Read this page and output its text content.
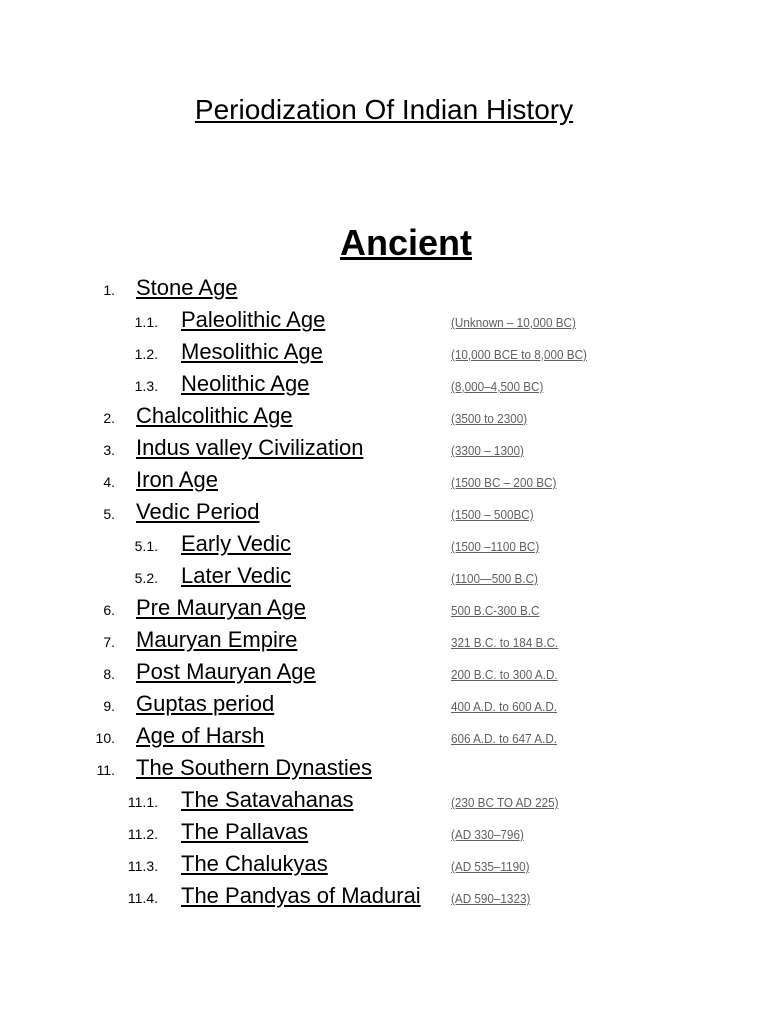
Periodization Of Indian History
Ancient
1. Stone Age
1.1. Paleolithic Age	(Unknown – 10,000 BC)
1.2. Mesolithic Age	(10,000 BCE to 8,000 BC)
1.3. Neolithic Age	(8,000–4,500 BC)
2. Chalcolithic Age	(3500 to 2300)
3. Indus valley Civilization	(3300 – 1300)
4. Iron Age	(1500 BC – 200 BC)
5. Vedic Period	(1500 – 500BC)
5.1. Early Vedic	(1500 –1100 BC)
5.2. Later Vedic	(1100—500 B.C)
6. Pre Mauryan Age	500 B.C-300 B.C
7. Mauryan Empire	321 B.C. to 184 B.C.
8. Post Mauryan Age	200 B.C. to 300 A.D.
9. Guptas period	400 A.D. to 600 A.D.
10. Age of Harsh	606 A.D. to 647 A.D.
11. The Southern Dynasties
11.1. The Satavahanas	(230 BC TO AD 225)
11.2. The Pallavas	(AD 330–796)
11.3. The Chalukyas	(AD 535–1190)
11.4. The Pandyas of Madurai (AD 590–1323)
